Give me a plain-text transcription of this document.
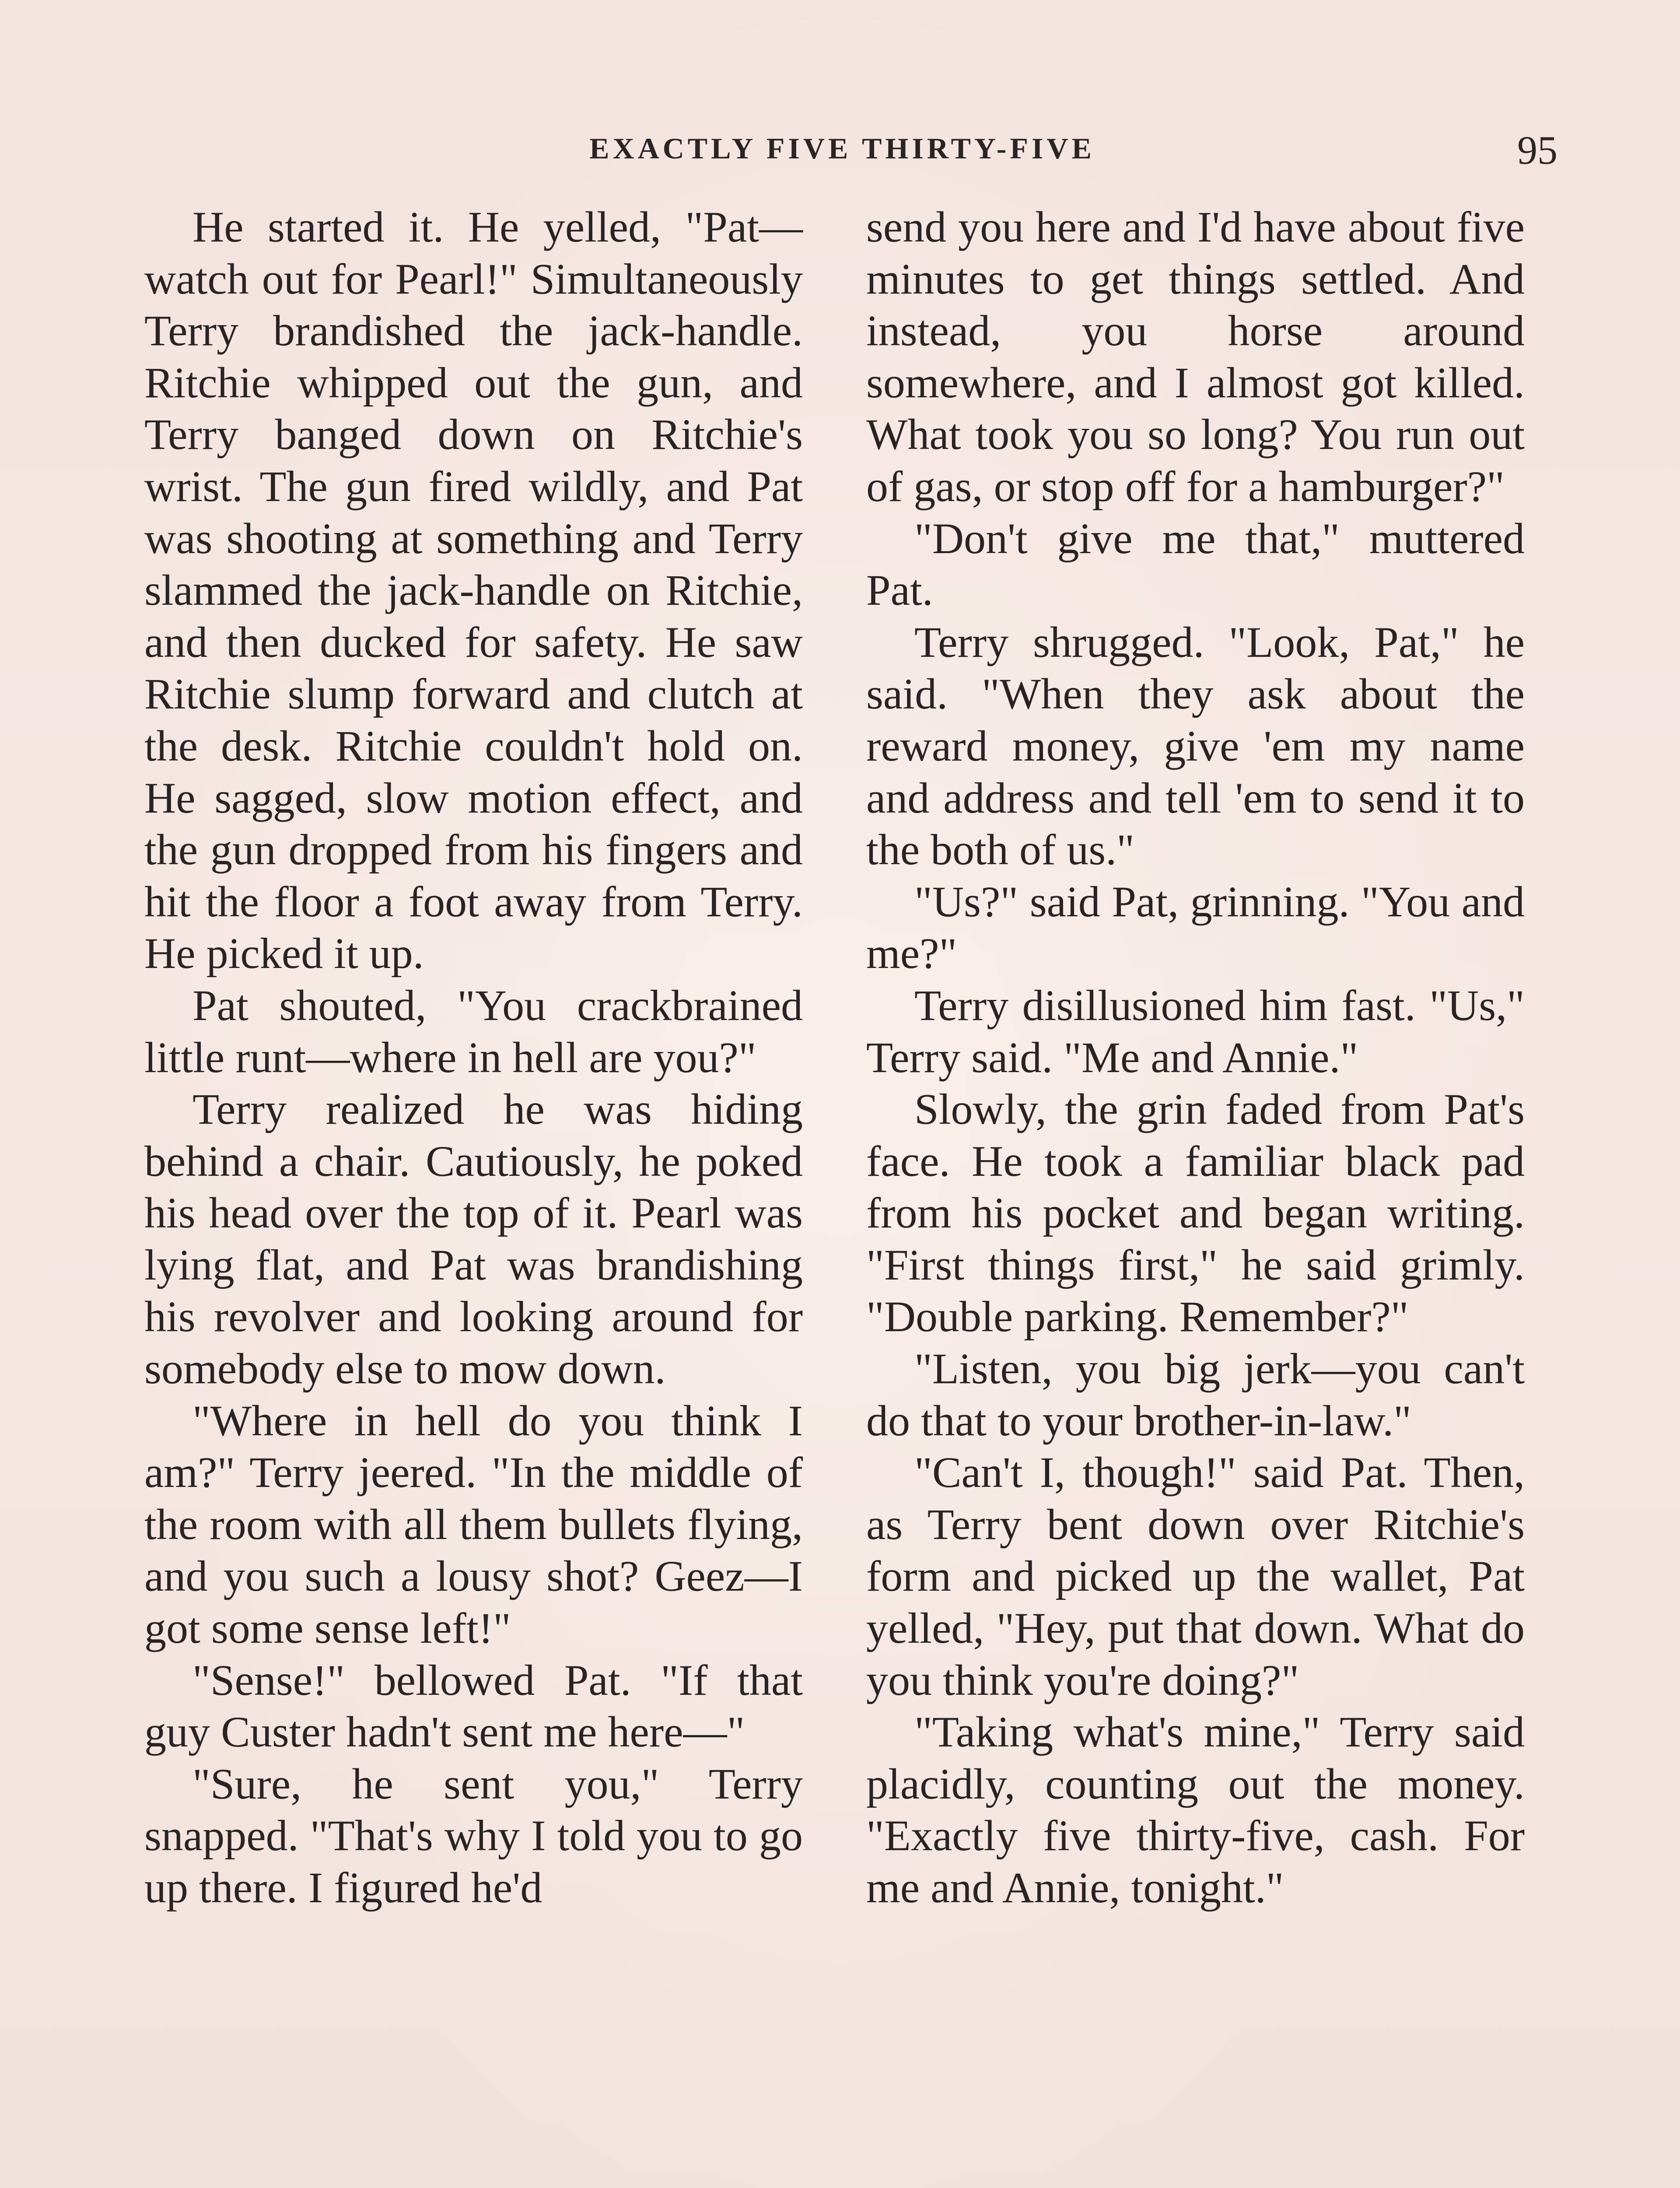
EXACTLY FIVE THIRTY-FIVE	95

He started it. He yelled, "Pat—watch out for Pearl!" Simultaneously Terry brandished the jack-handle. Ritchie whipped out the gun, and Terry banged down on Ritchie's wrist. The gun fired wildly, and Pat was shooting at something and Terry slammed the jack-handle on Ritchie, and then ducked for safety. He saw Ritchie slump forward and clutch at the desk. Ritchie couldn't hold on. He sagged, slow motion effect, and the gun dropped from his fingers and hit the floor a foot away from Terry. He picked it up.

Pat shouted, "You crackbrained little runt—where in hell are you?"

Terry realized he was hiding behind a chair. Cautiously, he poked his head over the top of it. Pearl was lying flat, and Pat was brandishing his revolver and looking around for somebody else to mow down.

"Where in hell do you think I am?" Terry jeered. "In the middle of the room with all them bullets flying, and you such a lousy shot? Geez—I got some sense left!"

"Sense!" bellowed Pat. "If that guy Custer hadn't sent me here—"

"Sure, he sent you," Terry snapped. "That's why I told you to go up there. I figured he'd

send you here and I'd have about five minutes to get things settled. And instead, you horse around somewhere, and I almost got killed. What took you so long? You run out of gas, or stop off for a hamburger?"

"Don't give me that," muttered Pat.

Terry shrugged. "Look, Pat," he said. "When they ask about the reward money, give 'em my name and address and tell 'em to send it to the both of us."

"Us?" said Pat, grinning. "You and me?"

Terry disillusioned him fast. "Us," Terry said. "Me and Annie."

Slowly, the grin faded from Pat's face. He took a familiar black pad from his pocket and began writing. "First things first," he said grimly. "Double parking. Remember?"

"Listen, you big jerk—you can't do that to your brother-in-law."

"Can't I, though!" said Pat. Then, as Terry bent down over Ritchie's form and picked up the wallet, Pat yelled, "Hey, put that down. What do you think you're doing?"

"Taking what's mine," Terry said placidly, counting out the money. "Exactly five thirty-five, cash. For me and Annie, tonight."
